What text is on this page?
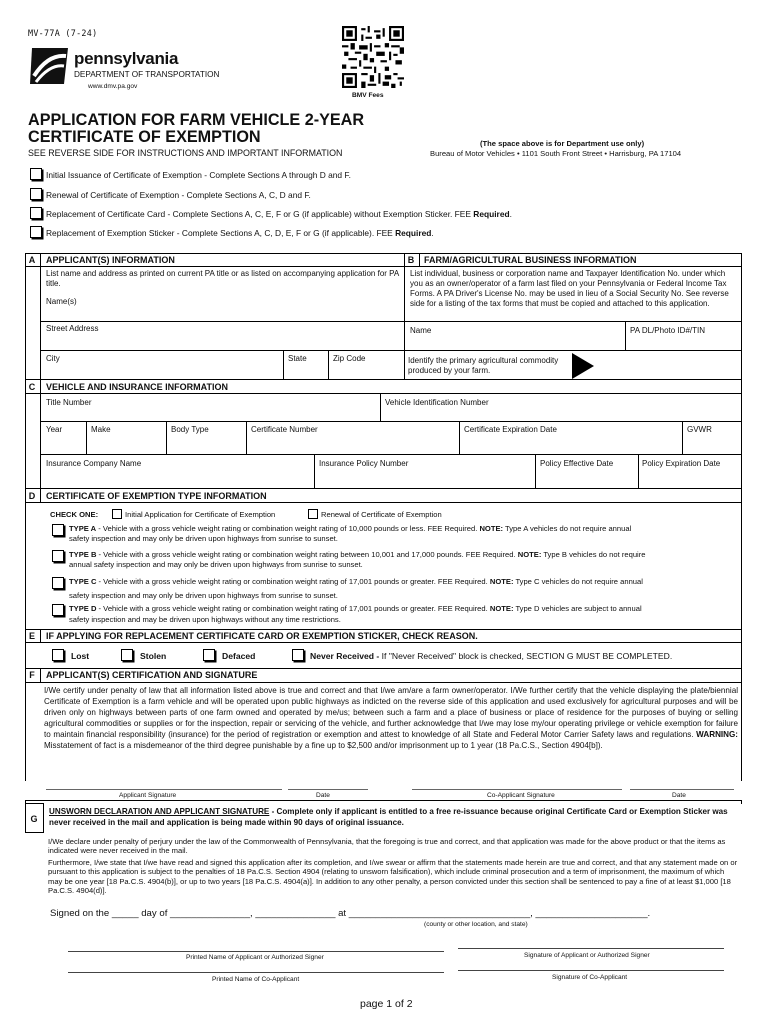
MV-77A (7-24)
pennsylvania
DEPARTMENT OF TRANSPORTATION
www.dmv.pa.gov
BMV Fees
APPLICATION FOR FARM VEHICLE 2-YEAR
CERTIFICATE OF EXEMPTION
SEE REVERSE SIDE FOR INSTRUCTIONS AND IMPORTANT INFORMATION
(The space above is for Department use only)
Bureau of Motor Vehicles • 1101 South Front Street • Harrisburg, PA 17104
Initial Issuance of Certificate of Exemption - Complete Sections A through D and F.
Renewal of Certificate of Exemption - Complete Sections A, C, D and F.
Replacement of Certificate Card - Complete Sections A, C, E, F or G (if applicable) without Exemption Sticker. FEE Required.
Replacement of Exemption Sticker - Complete Sections A, C, D, E, F or G (if applicable). FEE Required.
A	APPLICANT(S) INFORMATION	B	FARM/AGRICULTURAL BUSINESS INFORMATION
List name and address as printed on current PA title or as listed on accompanying application for PA title.
Name(s)
Street Address
City	State	Zip Code
List individual, business or corporation name and Taxpayer Identification No. under which you as an owner/operator of a farm last filed on your Pennsylvania or Federal Income Tax Forms. A PA Driver's License No. may be used in lieu of a Social Security No. See reverse side for a listing of the tax forms that must be copied and attached to this application.
Name	PA DL/Photo ID#/TIN
Identify the primary agricultural commodity produced by your farm.
C	VEHICLE AND INSURANCE INFORMATION
Title Number	Vehicle Identification Number
Year	Make	Body Type	Certificate Number	Certificate Expiration Date	GVWR
Insurance Company Name	Insurance Policy Number	Policy Effective Date	Policy Expiration Date
D	CERTIFICATE OF EXEMPTION TYPE INFORMATION
CHECK ONE:	Initial Application for Certificate of Exemption	Renewal of Certificate of Exemption
TYPE A - Vehicle with a gross vehicle weight rating or combination weight rating of 10,000 pounds or less. FEE Required. NOTE: Type A vehicles do not require annual
safety inspection and may only be driven upon highways from sunrise to sunset.
TYPE B - Vehicle with a gross vehicle weight rating or combination weight rating between 10,001 and 17,000 pounds. FEE Required. NOTE: Type B vehicles do not require
annual safety inspection and may only be driven upon highways from sunrise to sunset.
TYPE C - Vehicle with a gross vehicle weight rating or combination weight rating of 17,001 pounds or greater. FEE Required. NOTE: Type C vehicles do not require annual
safety inspection and may only be driven upon highways from sunrise to sunset.
TYPE D - Vehicle with a gross vehicle weight rating or combination weight rating of 17,001 pounds or greater. FEE Required. NOTE: Type D vehicles are subject to annual
safety inspection and may be driven upon highways without any time restrictions.
E	IF APPLYING FOR REPLACEMENT CERTIFICATE CARD OR EXEMPTION STICKER, CHECK REASON.
Lost	Stolen	Defaced	Never Received - If "Never Received" block is checked, SECTION G MUST BE COMPLETED.
F	APPLICANT(S) CERTIFICATION AND SIGNATURE
I/We certify under penalty of law that all information listed above is true and correct and that I/we am/are a farm owner/operator. I/We further certify that the vehicle displaying the plate/biennial Certificate of Exemption is a farm vehicle and will be operated upon public highways as indicted on the reverse side of this application and used exclusively for agricultural purposes and will be driven only on highways between parts of one farm owned and operated by me/us; between such a farm and a place of business or place of residence for the purposes of buying or selling agricultural commodities or supplies or for the inspection, repair or servicing of the vehicle, and further acknowledge that I/we may lose my/our operating privilege or vehicle exemption for failure to maintain financial responsibility (insurance) for the period of registration or exemption and attest to knowledge of all State and Federal Motor Carrier Safety laws and regulations. WARNING: Misstatement of fact is a misdemeanor of the third degree punishable by a fine up to $2,500 and/or imprisonment up to 1 year (18 Pa.C.S., Section 4904[b]).
Applicant Signature	Date	Co-Applicant Signature	Date
G
UNSWORN DECLARATION AND APPLICANT SIGNATURE - Complete only if applicant is entitled to a free re-issuance because original Certificate Card or Exemption Sticker was never received in the mail and application is being made within 90 days of original issuance.
I/We declare under penalty of perjury under the law of the Commonwealth of Pennsylvania, that the foregoing is true and correct, and that application was made for the above product or that the items as indicated were never received in the mail.
Furthermore, I/we state that I/we have read and signed this application after its completion, and I/we swear or affirm that the statements made herein are true and correct, and that any statement made on or pursuant to this application is subject to the penalties of 18 Pa.C.S. Section 4904 (relating to unsworn falsification), which include criminal prosecution and a term of imprisonment, the maximum of which may be one year [18 Pa.C.S. 4904(b)], or up to two years [18 Pa.C.S. 4904(a)]. In addition to any other penalty, a person convicted under this section shall be sentenced to pay a fine of at least $1,000 [18 Pa.C.S. 4904(d)].
Signed on the _____ day of _______________, _______________ at __________________________________, _____________________.
(county or other location, and state)
Printed Name of Applicant or Authorized Signer	Signature of Applicant or Authorized Signer
Printed Name of Co-Applicant	Signature of Co-Applicant
page 1 of 2
